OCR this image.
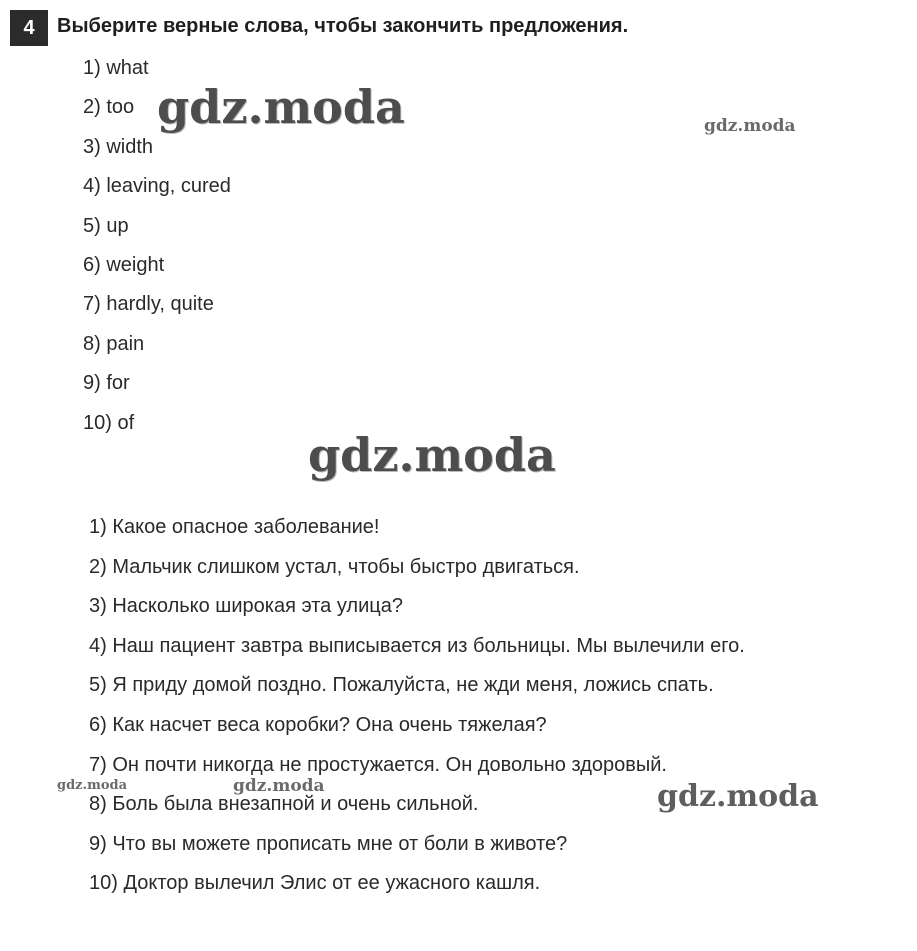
4	Выберите верные слова, чтобы закончить предложения.
1) what
2) too
3) width
4) leaving, cured
5) up
6) weight
7) hardly, quite
8) pain
9) for
10) of
1) Какое опасное заболевание!
2) Мальчик слишком устал, чтобы быстро двигаться.
3) Насколько широкая эта улица?
4) Наш пациент завтра выписывается из больницы. Мы вылечили его.
5) Я приду домой поздно. Пожалуйста, не жди меня, ложись спать.
6) Как насчет веса коробки? Она очень тяжелая?
7) Он почти никогда не простужается. Он довольно здоровый.
8) Боль была внезапной и очень сильной.
9) Что вы можете прописать мне от боли в животе?
10) Доктор вылечил Элис от ее ужасного кашля.
gdz.moda	gdz.moda
gdz.moda
gdz.moda	gdz.moda	gdz.moda
